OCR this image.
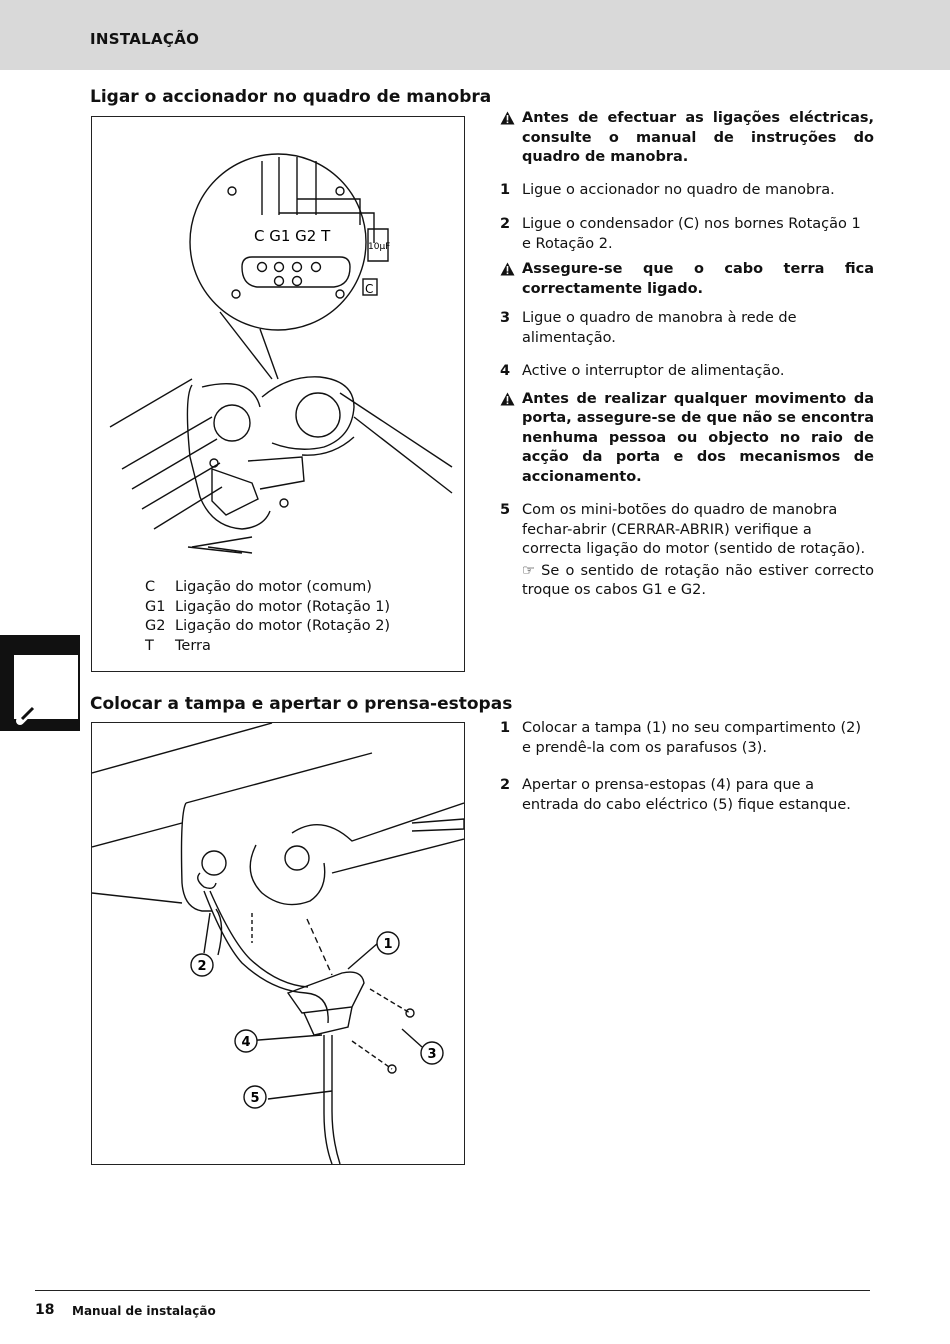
INSTALAÇÃO
Ligar o accionador no quadro de manobra
C G1 G2 T
10µF
C
C	Ligação do motor (comum)
G1 Ligação do motor (Rotação 1)
G2 Ligação do motor (Rotação 2)
T	Terra

Antes de efectuar as ligações eléctricas, consulte o manual de instruções do quadro de manobra.

1 Ligue o accionador no quadro de manobra.

2 Ligue o condensador (C) nos bornes Rotação 1 e Rotação 2.

Assegure-se que o cabo terra fica correctamente ligado.

3 Ligue o quadro de manobra à rede de alimentação.

4 Active o interruptor de alimentação.

Antes de realizar qualquer movimento da porta, assegure-se de que não se encontra nenhuma pessoa ou objecto no raio de acção da porta e dos mecanismos de accionamento.

5 Com os mini-botões do quadro de manobra fechar-abrir (CERRAR-ABRIR) verifique a correcta ligação do motor (sentido de rotação).

☞ Se o sentido de rotação não estiver correcto troque os cabos G1 e G2.

Colocar a tampa e apertar o prensa-estopas
1
2
3
4
5

1 Colocar a tampa (1) no seu compartimento (2) e prendê-la com os parafusos (3).

2 Apertar o prensa-estopas (4) para que a entrada do cabo eléctrico (5) fique estanque.

18 Manual de instalação
